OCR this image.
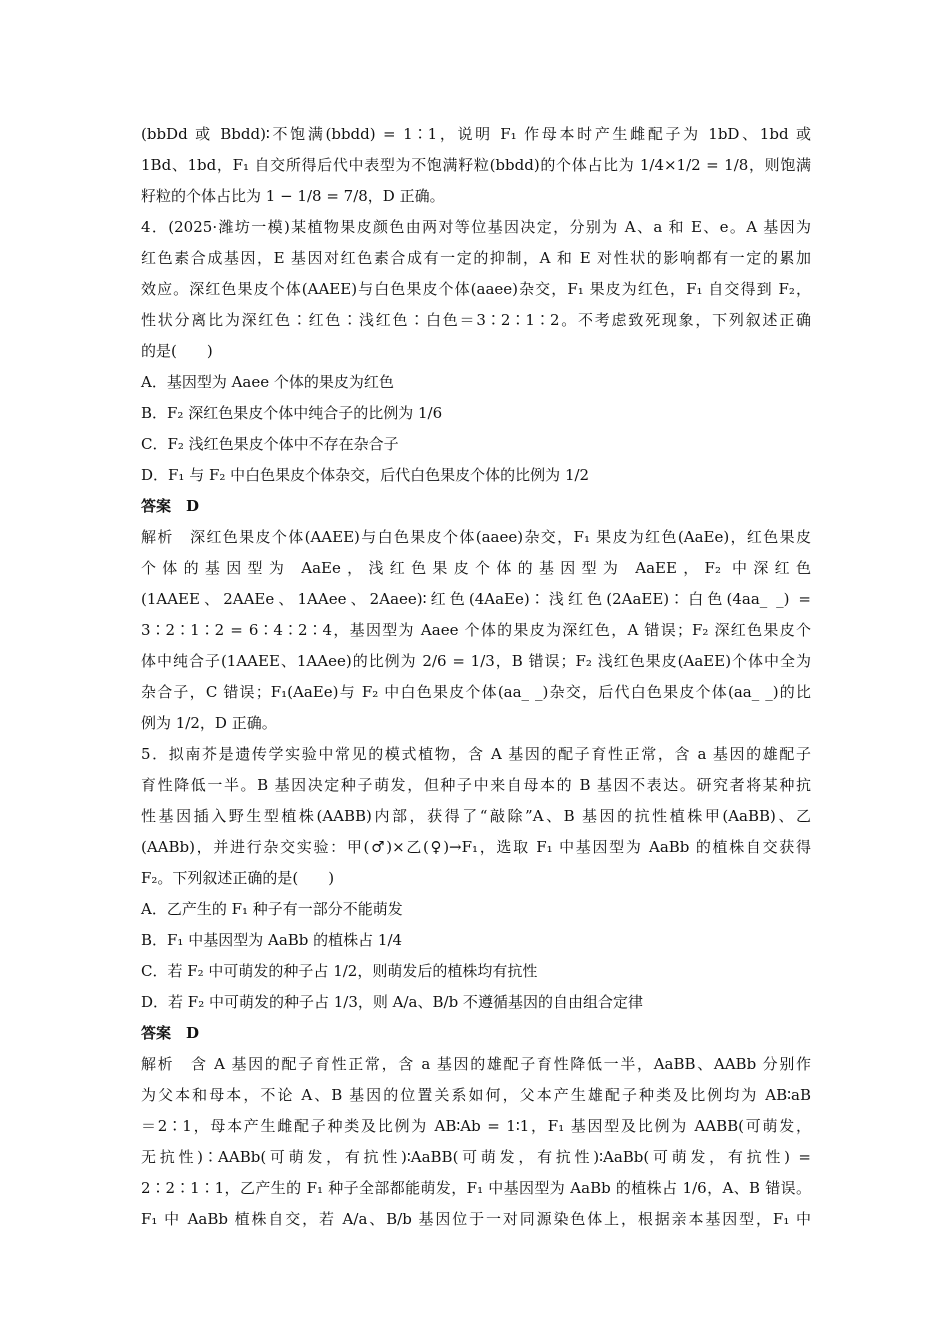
(bbDd 或 Bbdd)∶不饱满(bbdd) = 1∶1，说明 F₁ 作母本时产生雌配子为 1bD、1bd 或
1Bd、1bd，F₁ 自交所得后代中表型为不饱满籽粒(bbdd)的个体占比为 1/4×1/2 = 1/8，则饱满
籽粒的个体占比为 1 − 1/8 = 7/8，D 正确。
4．(2025·潍坊一模)某植物果皮颜色由两对等位基因决定，分别为 A、a 和 E、e。A 基因为
红色素合成基因，E 基因对红色素合成有一定的抑制，A 和 E 对性状的影响都有一定的累加
效应。深红色果皮个体(AAEE)与白色果皮个体(aaee)杂交，F₁ 果皮为红色，F₁ 自交得到 F₂，
性状分离比为深红色∶红色∶浅红色∶白色＝3∶2∶1∶2。不考虑致死现象，下列叙述正确
的是(　　)
A．基因型为 Aaee 个体的果皮为红色
B．F₂ 深红色果皮个体中纯合子的比例为 1/6
C．F₂ 浅红色果皮个体中不存在杂合子
D．F₁ 与 F₂ 中白色果皮个体杂交，后代白色果皮个体的比例为 1/2
答案　D
解析　深红色果皮个体(AAEE)与白色果皮个体(aaee)杂交，F₁ 果皮为红色(AaEe)，红色果皮
个体的基因型为 AaEe，浅红色果皮个体的基因型为 AaEE，F₂ 中深红色
(1AAEE、2AAEe、1AAee、2Aaee)∶红色(4AaEe)∶浅红色(2AaEE)∶白色(4aa_ _) =
3∶2∶1∶2 = 6∶4∶2∶4，基因型为 Aaee 个体的果皮为深红色，A 错误；F₂ 深红色果皮个
体中纯合子(1AAEE、1AAee)的比例为 2/6 = 1/3，B 错误；F₂ 浅红色果皮(AaEE)个体中全为
杂合子，C 错误；F₁(AaEe)与 F₂ 中白色果皮个体(aa_ _)杂交，后代白色果皮个体(aa_ _)的比
例为 1/2，D 正确。
5．拟南芥是遗传学实验中常见的模式植物，含 A 基因的配子育性正常，含 a 基因的雄配子
育性降低一半。B 基因决定种子萌发，但种子中来自母本的 B 基因不表达。研究者将某种抗
性基因插入野生型植株(AABB)内部，获得了“敲除”A、B 基因的抗性植株甲(AaBB)、乙
(AABb)，并进行杂交实验：甲(♂)×乙(♀)→F₁，选取 F₁ 中基因型为 AaBb 的植株自交获得
F₂。下列叙述正确的是(　　)
A．乙产生的 F₁ 种子有一部分不能萌发
B．F₁ 中基因型为 AaBb 的植株占 1/4
C．若 F₂ 中可萌发的种子占 1/2，则萌发后的植株均有抗性
D．若 F₂ 中可萌发的种子占 1/3，则 A/a、B/b 不遵循基因的自由组合定律
答案　D
解析　含 A 基因的配子育性正常，含 a 基因的雄配子育性降低一半，AaBB、AABb 分别作
为父本和母本，不论 A、B 基因的位置关系如何，父本产生雄配子种类及比例均为 AB∶aB
＝2∶1，母本产生雌配子种类及比例为 AB∶Ab = 1∶1，F₁ 基因型及比例为 AABB(可萌发，
无抗性)∶AABb(可萌发，有抗性)∶AaBB(可萌发，有抗性)∶AaBb(可萌发，有抗性) =
2∶2∶1∶1，乙产生的 F₁ 种子全部都能萌发，F₁ 中基因型为 AaBb 的植株占 1/6，A、B 错误。
F₁ 中 AaBb 植株自交，若 A/a、B/b 基因位于一对同源染色体上，根据亲本基因型，F₁ 中
